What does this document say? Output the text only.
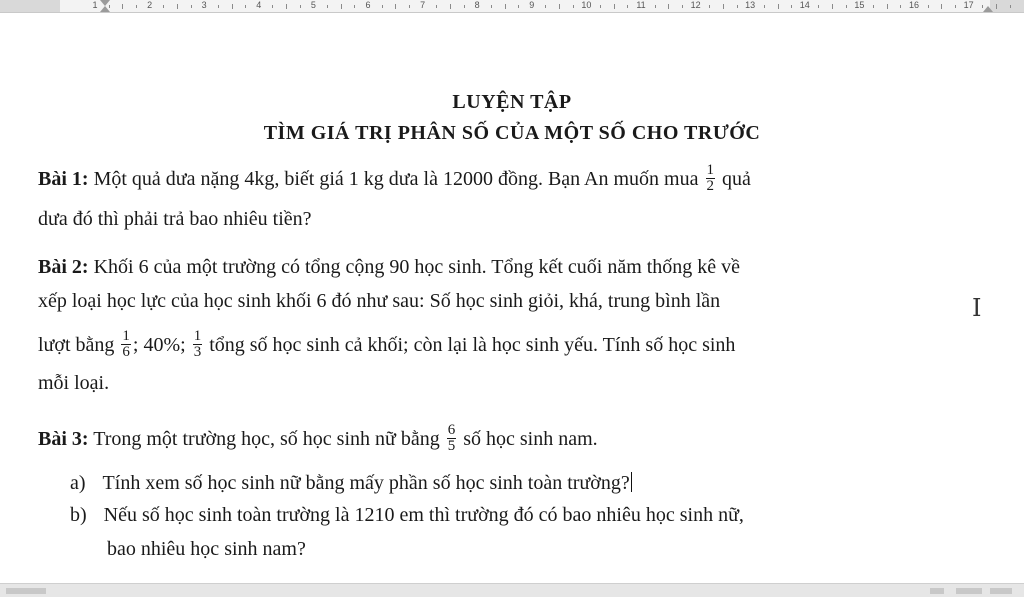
1	2	3	4	5	6	7	8	9	10	11	12	13	14	15	16	17
LUYỆN TẬP
TÌM GIÁ TRỊ PHÂN SỐ CỦA MỘT SỐ CHO TRƯỚC
Bài 1: Một quả dưa nặng 4kg, biết giá 1 kg dưa là 12000 đồng. Bạn An muốn mua $\frac{1}{2}$ quả
dưa đó thì phải trả bao nhiêu tiền?
Bài 2: Khối 6 của một trường có tổng cộng 90 học sinh. Tổng kết cuối năm thống kê về
xếp loại học lực của học sinh khối 6 đó như sau: Số học sinh giỏi, khá, trung bình lần
lượt bằng $\frac{1}{6}$ ; 40%; $\frac{1}{3}$ tổng số học sinh cả khối; còn lại là học sinh yếu. Tính số học sinh
mỗi loại.
Bài 3: Trong một trường học, số học sinh nữ bằng $\frac{6}{5}$ số học sinh nam.
a) Tính xem số học sinh nữ bằng mấy phần số học sinh toàn trường?
b) Nếu số học sinh toàn trường là 1210 em thì trường đó có bao nhiêu học sinh nữ,
bao nhiêu học sinh nam?
I
